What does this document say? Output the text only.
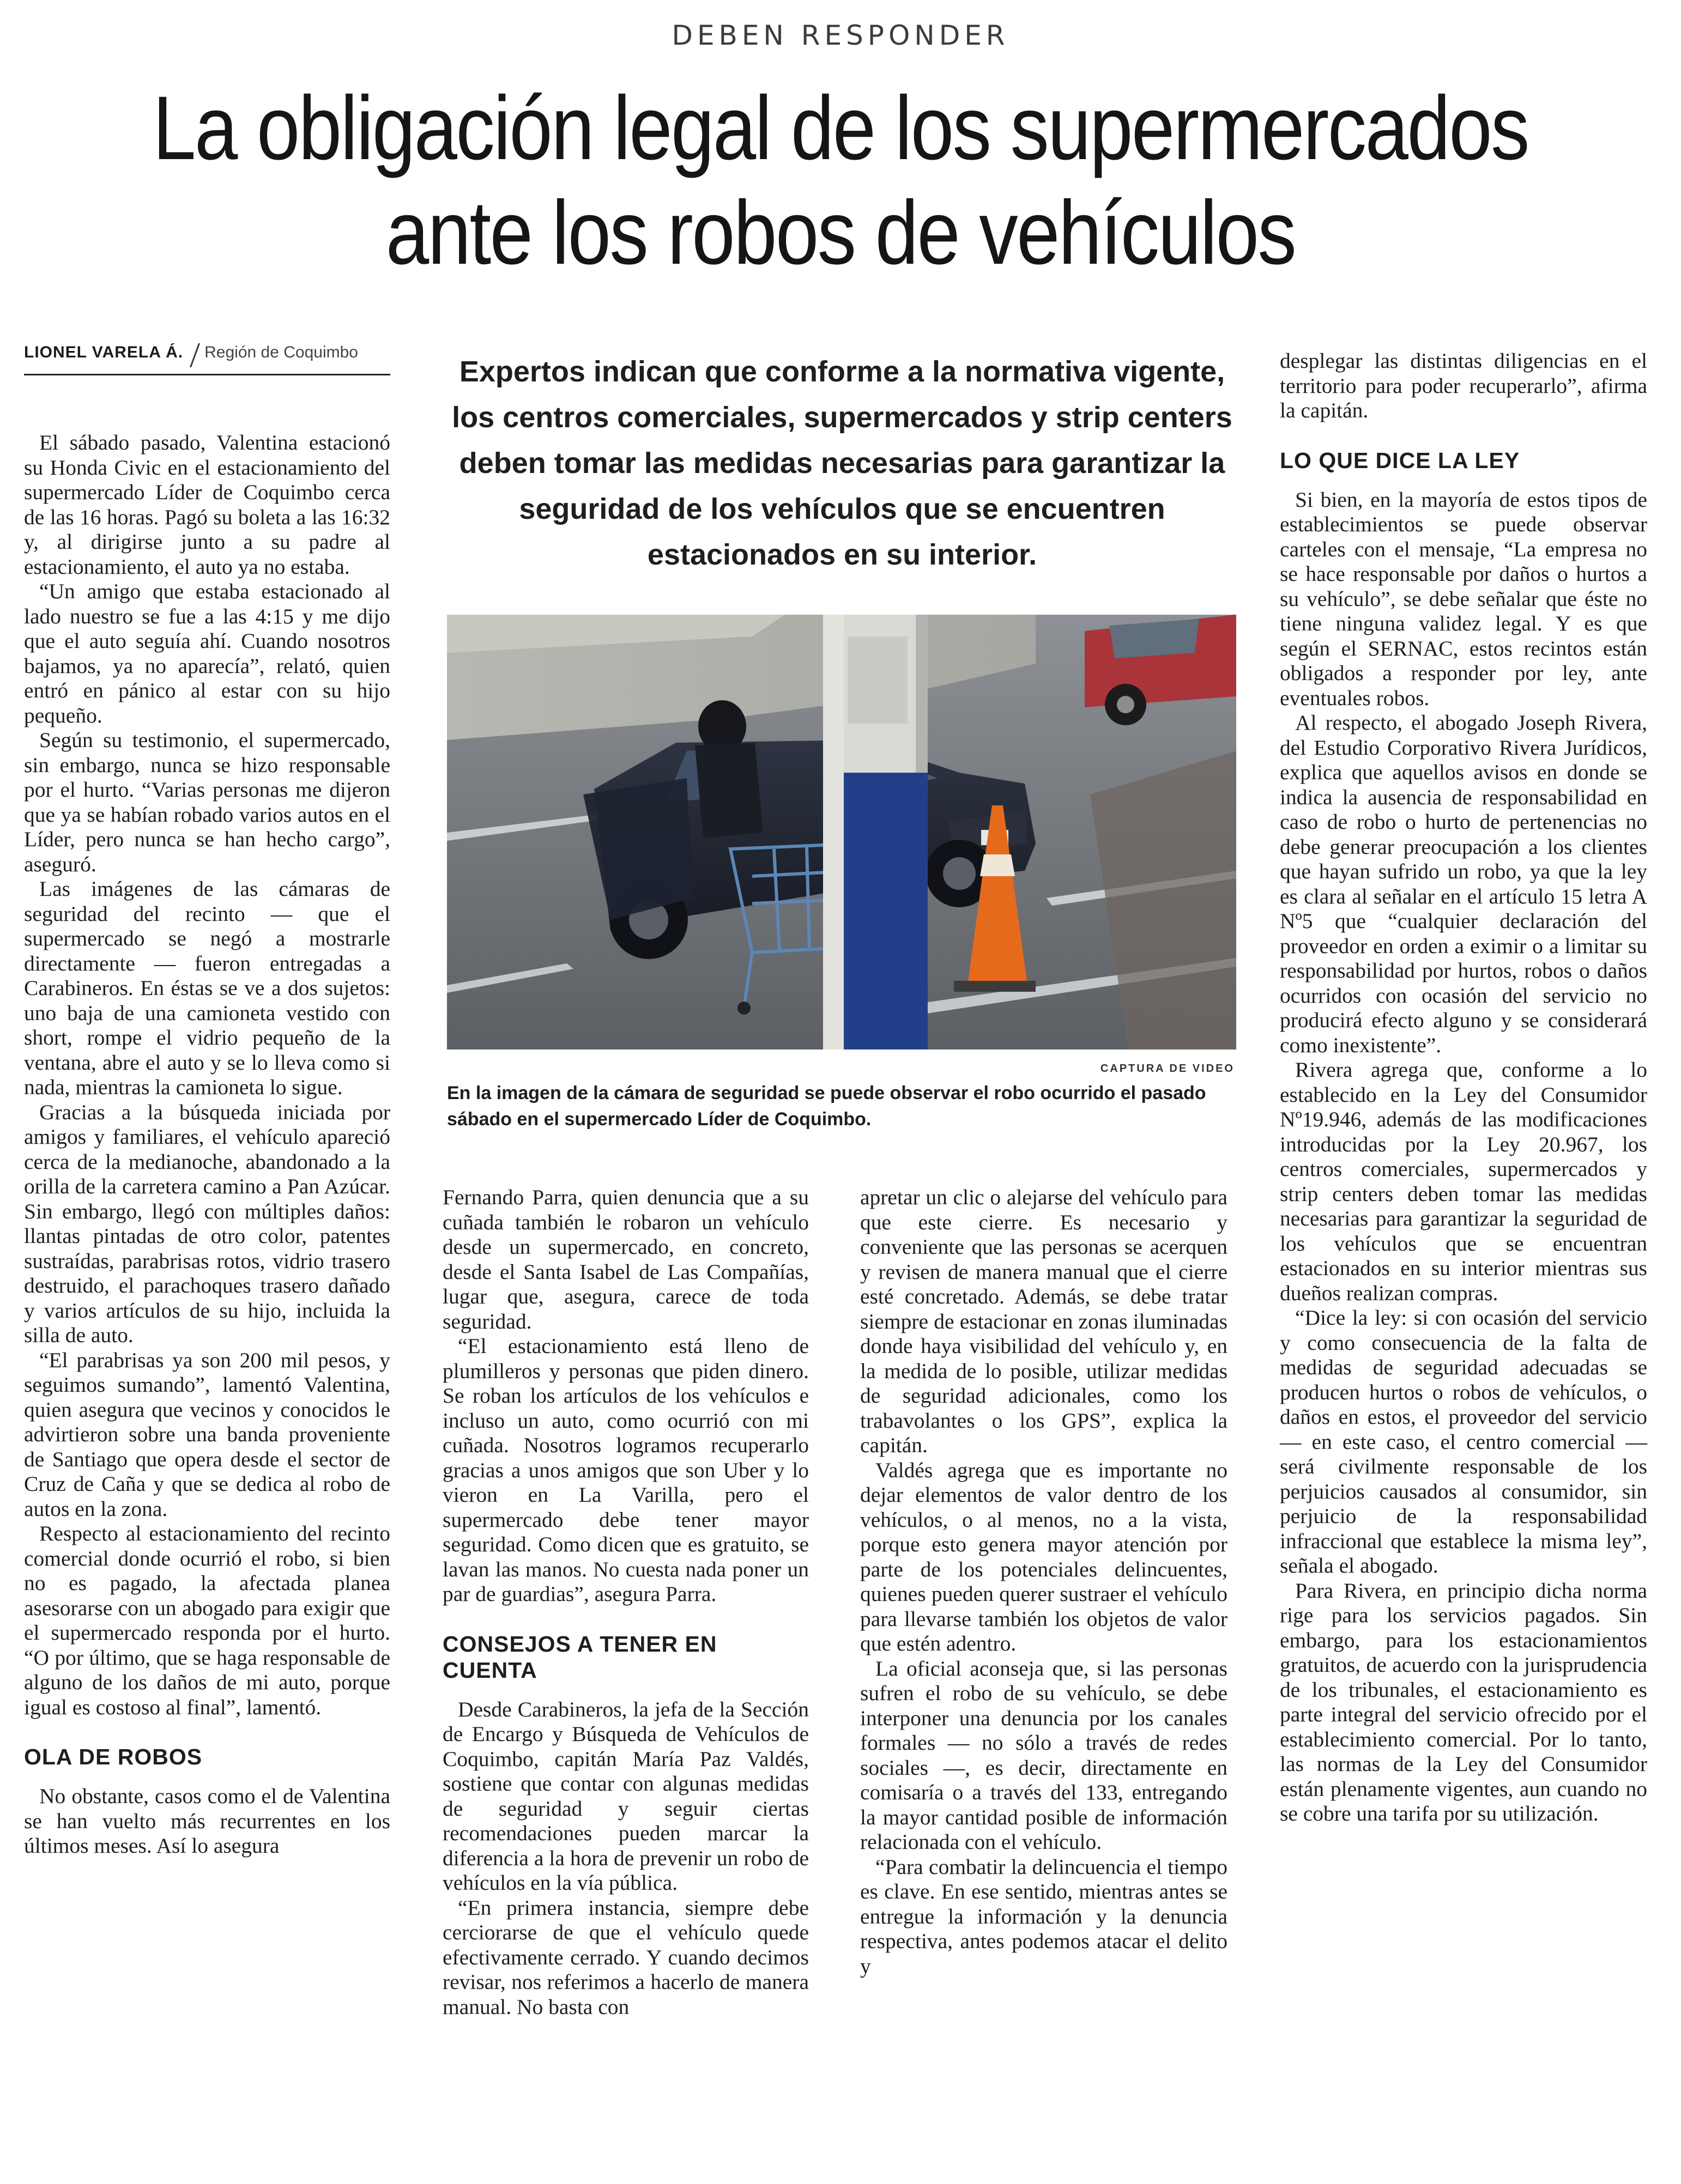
DEBEN RESPONDER
La obligación legal de los supermercados
ante los robos de vehículos
LIONEL VARELA Á. Región de Coquimbo

El sábado pasado, Valentina estacionó su Honda Civic en el estacionamiento del supermercado Líder de Coquimbo cerca de las 16 horas. Pagó su boleta a las 16:32 y, al dirigirse junto a su padre al estacionamiento, el auto ya no estaba.

“Un amigo que estaba estacionado al lado nuestro se fue a las 4:15 y me dijo que el auto seguía ahí. Cuando nosotros bajamos, ya no aparecía”, relató, quien entró en pánico al estar con su hijo pequeño.

Según su testimonio, el supermercado, sin embargo, nunca se hizo responsable por el hurto. “Varias personas me dijeron que ya se habían robado varios autos en el Líder, pero nunca se han hecho cargo”, aseguró.

Las imágenes de las cámaras de seguridad del recinto — que el supermercado se negó a mostrarle directamente — fueron entregadas a Carabineros. En éstas se ve a dos sujetos: uno baja de una camioneta vestido con short, rompe el vidrio pequeño de la ventana, abre el auto y se lo lleva como si nada, mientras la camioneta lo sigue.

Gracias a la búsqueda iniciada por amigos y familiares, el vehículo apareció cerca de la medianoche, abandonado a la orilla de la carretera camino a Pan Azúcar. Sin embargo, llegó con múltiples daños: llantas pintadas de otro color, patentes sustraídas, parabrisas rotos, vidrio trasero destruido, el parachoques trasero dañado y varios artículos de su hijo, incluida la silla de auto.

“El parabrisas ya son 200 mil pesos, y seguimos sumando”, lamentó Valentina, quien asegura que vecinos y conocidos le advirtieron sobre una banda proveniente de Santiago que opera desde el sector de Cruz de Caña y que se dedica al robo de autos en la zona.

Respecto al estacionamiento del recinto comercial donde ocurrió el robo, si bien no es pagado, la afectada planea asesorarse con un abogado para exigir que el supermercado responda por el hurto. “O por último, que se haga responsable de alguno de los daños de mi auto, porque igual es costoso al final”, lamentó.

OLA DE ROBOS

No obstante, casos como el de Valentina se han vuelto más recurrentes en los últimos meses. Así lo asegura

Expertos indican que conforme a la normativa vigente, los centros comerciales, supermercados y strip centers deben tomar las medidas necesarias para garantizar la seguridad de los vehículos que se encuentren estacionados en su interior.
CAPTURA DE VIDEO
En la imagen de la cámara de seguridad se puede observar el robo ocurrido el pasado sábado en el supermercado Líder de Coquimbo.

Fernando Parra, quien denuncia que a su cuñada también le robaron un vehículo desde un supermercado, en concreto, desde el Santa Isabel de Las Compañías, lugar que, asegura, carece de toda seguridad.

“El estacionamiento está lleno de plumilleros y personas que piden dinero. Se roban los artículos de los vehículos e incluso un auto, como ocurrió con mi cuñada. Nosotros logramos recuperarlo gracias a unos amigos que son Uber y lo vieron en La Varilla, pero el supermercado debe tener mayor seguridad. Como dicen que es gratuito, se lavan las manos. No cuesta nada poner un par de guardias”, asegura Parra.

CONSEJOS A TENER EN CUENTA

Desde Carabineros, la jefa de la Sección de Encargo y Búsqueda de Vehículos de Coquimbo, capitán María Paz Valdés, sostiene que contar con algunas medidas de seguridad y seguir ciertas recomendaciones pueden marcar la diferencia a la hora de prevenir un robo de vehículos en la vía pública.

“En primera instancia, siempre debe cerciorarse de que el vehículo quede efectivamente cerrado. Y cuando decimos revisar, nos referimos a hacerlo de manera manual. No basta con

apretar un clic o alejarse del vehículo para que este cierre. Es necesario y conveniente que las personas se acerquen y revisen de manera manual que el cierre esté concretado. Además, se debe tratar siempre de estacionar en zonas iluminadas donde haya visibilidad del vehículo y, en la medida de lo posible, utilizar medidas de seguridad adicionales, como los trabavolantes o los GPS”, explica la capitán.

Valdés agrega que es importante no dejar elementos de valor dentro de los vehículos, o al menos, no a la vista, porque esto genera mayor atención por parte de los potenciales delincuentes, quienes pueden querer sustraer el vehículo para llevarse también los objetos de valor que estén adentro.

La oficial aconseja que, si las personas sufren el robo de su vehículo, se debe interponer una denuncia por los canales formales — no sólo a través de redes sociales —, es decir, directamente en comisaría o a través del 133, entregando la mayor cantidad posible de información relacionada con el vehículo.

“Para combatir la delincuencia el tiempo es clave. En ese sentido, mientras antes se entregue la información y la denuncia respectiva, antes podemos atacar el delito y

desplegar las distintas diligencias en el territorio para poder recuperarlo”, afirma la capitán.

LO QUE DICE LA LEY

Si bien, en la mayoría de estos tipos de establecimientos se puede observar carteles con el mensaje, “La empresa no se hace responsable por daños o hurtos a su vehículo”, se debe señalar que éste no tiene ninguna validez legal. Y es que según el SERNAC, estos recintos están obligados a responder por ley, ante eventuales robos.

Al respecto, el abogado Joseph Rivera, del Estudio Corporativo Rivera Jurídicos, explica que aquellos avisos en donde se indica la ausencia de responsabilidad en caso de robo o hurto de pertenencias no debe generar preocupación a los clientes que hayan sufrido un robo, ya que la ley es clara al señalar en el artículo 15 letra A Nº5 que “cualquier declaración del proveedor en orden a eximir o a limitar su responsabilidad por hurtos, robos o daños ocurridos con ocasión del servicio no producirá efecto alguno y se considerará como inexistente”.

Rivera agrega que, conforme a lo establecido en la Ley del Consumidor Nº19.946, además de las modificaciones introducidas por la Ley 20.967, los centros comerciales, supermercados y strip centers deben tomar las medidas necesarias para garantizar la seguridad de los vehículos que se encuentran estacionados en su interior mientras sus dueños realizan compras.

“Dice la ley: si con ocasión del servicio y como consecuencia de la falta de medidas de seguridad adecuadas se producen hurtos o robos de vehículos, o daños en estos, el proveedor del servicio — en este caso, el centro comercial — será civilmente responsable de los perjuicios causados al consumidor, sin perjuicio de la responsabilidad infraccional que establece la misma ley”, señala el abogado.

Para Rivera, en principio dicha norma rige para los servicios pagados. Sin embargo, para los estacionamientos gratuitos, de acuerdo con la jurisprudencia de los tribunales, el estacionamiento es parte integral del servicio ofrecido por el establecimiento comercial. Por lo tanto, las normas de la Ley del Consumidor están plenamente vigentes, aun cuando no se cobre una tarifa por su utilización.
